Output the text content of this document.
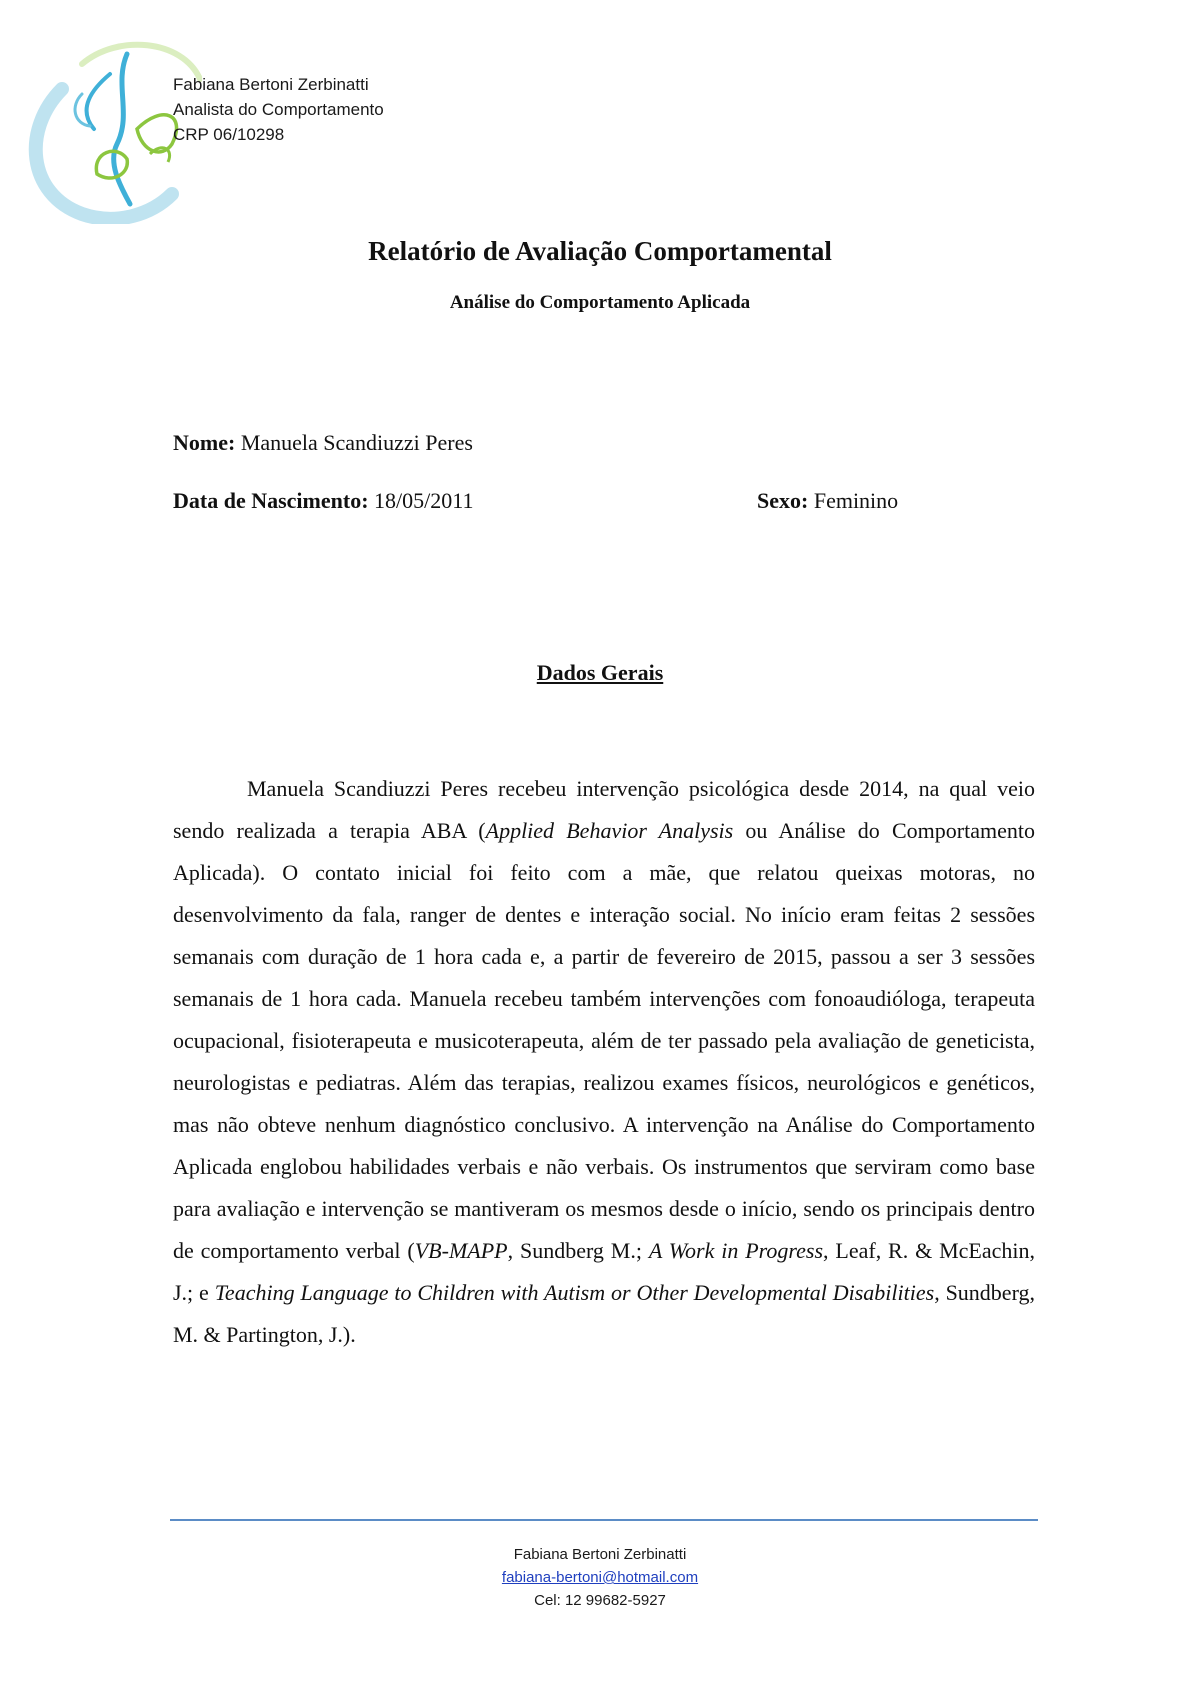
Fabiana Bertoni Zerbinatti
Analista do Comportamento
CRP 06/10298
Relatório de Avaliação Comportamental
Análise do Comportamento Aplicada
Nome: Manuela Scandiuzzi Peres
Data de Nascimento: 18/05/2011	Sexo: Feminino
Dados Gerais

Manuela Scandiuzzi Peres recebeu intervenção psicológica desde 2014, na qual veio sendo realizada a terapia ABA (Applied Behavior Analysis ou Análise do Comportamento Aplicada). O contato inicial foi feito com a mãe, que relatou queixas motoras, no desenvolvimento da fala, ranger de dentes e interação social. No início eram feitas 2 sessões semanais com duração de 1 hora cada e, a partir de fevereiro de 2015, passou a ser 3 sessões semanais de 1 hora cada. Manuela recebeu também intervenções com fonoaudióloga, terapeuta ocupacional, fisioterapeuta e musicoterapeuta, além de ter passado pela avaliação de geneticista, neurologistas e pediatras. Além das terapias, realizou exames físicos, neurológicos e genéticos, mas não obteve nenhum diagnóstico conclusivo. A intervenção na Análise do Comportamento Aplicada englobou habilidades verbais e não verbais. Os instrumentos que serviram como base para avaliação e intervenção se mantiveram os mesmos desde o início, sendo os principais dentro de comportamento verbal (VB-MAPP, Sundberg M.; A Work in Progress, Leaf, R. & McEachin, J.; e Teaching Language to Children with Autism or Other Developmental Disabilities, Sundberg, M. & Partington, J.).

Fabiana Bertoni Zerbinatti
fabiana-bertoni@hotmail.com
Cel: 12 99682-5927
